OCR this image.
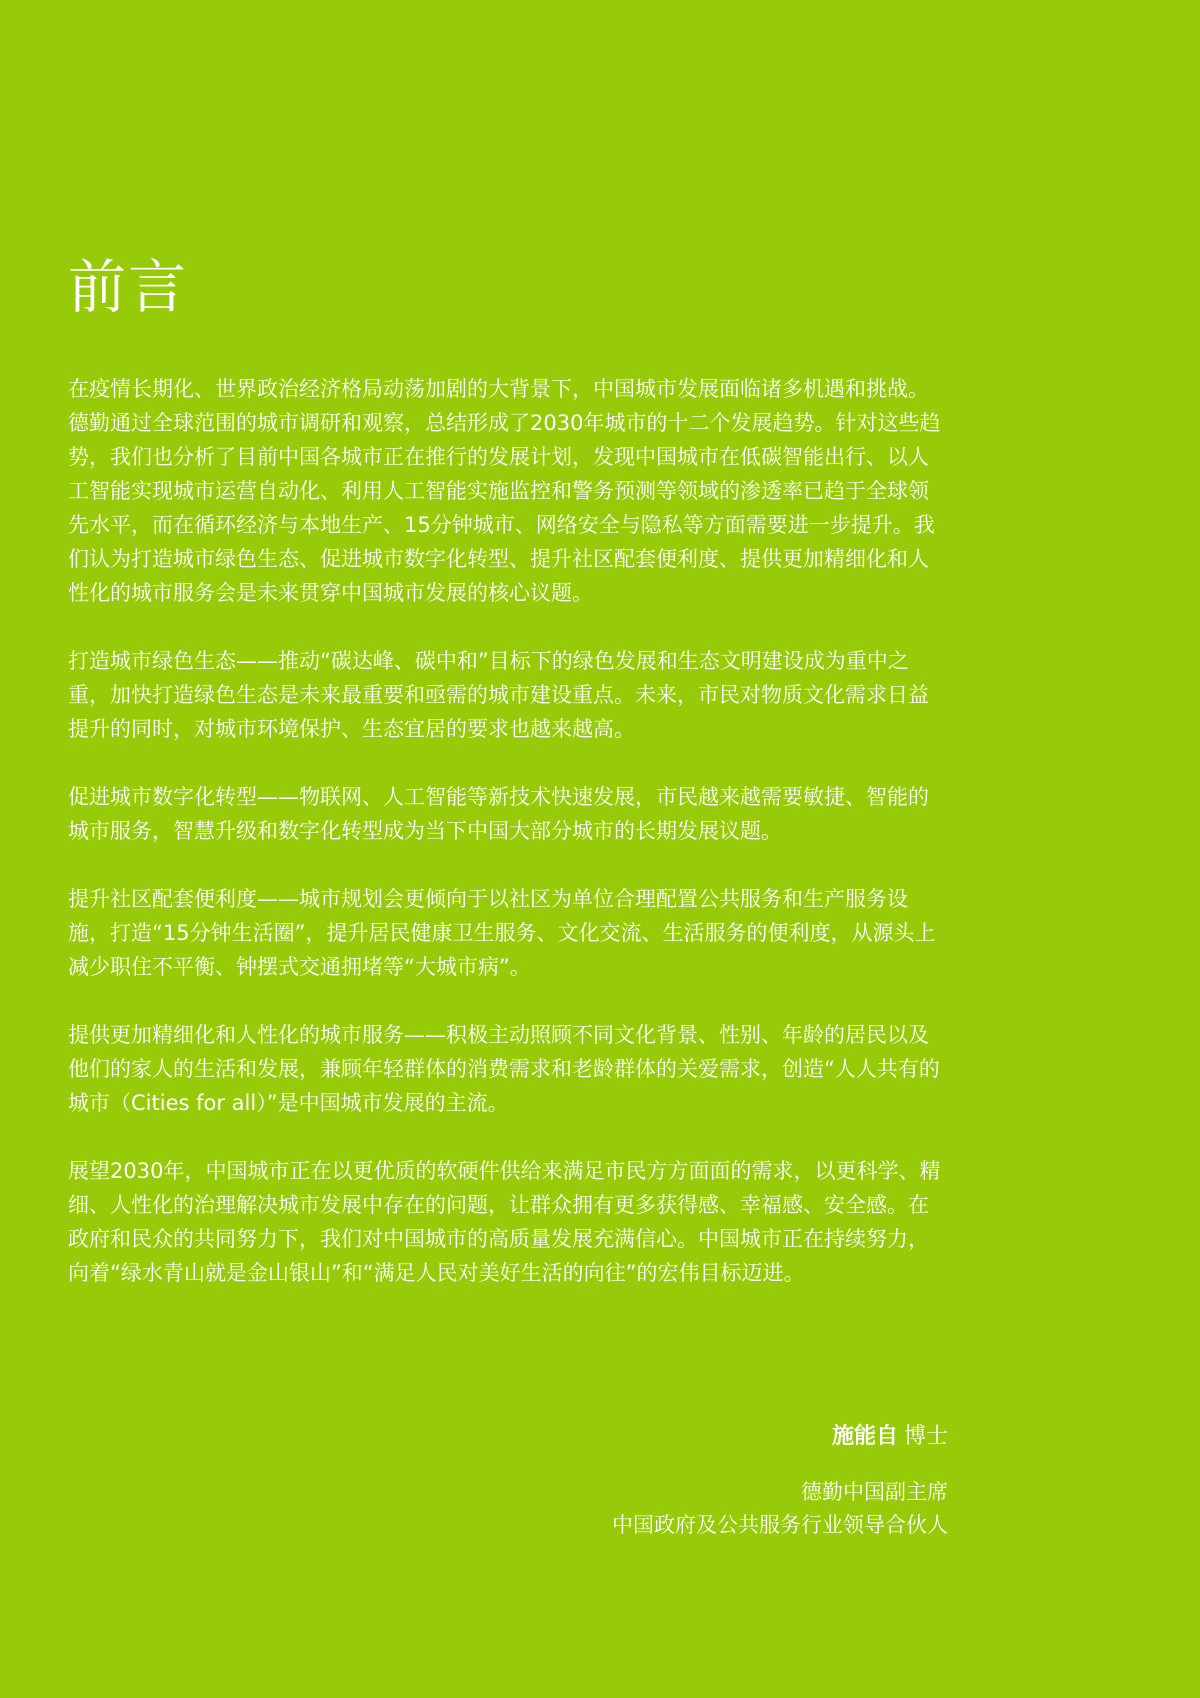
前言

在疫情长期化、世界政治经济格局动荡加剧的大背景下，中国城市发展面临诸多机遇和挑战。德勤通过全球范围的城市调研和观察，总结形成了2030年城市的十二个发展趋势。针对这些趋势，我们也分析了目前中国各城市正在推行的发展计划，发现中国城市在低碳智能出行、以人工智能实现城市运营自动化、利用人工智能实施监控和警务预测等领域的渗透率已趋于全球领先水平，而在循环经济与本地生产、15分钟城市、网络安全与隐私等方面需要进一步提升。我们认为打造城市绿色生态、促进城市数字化转型、提升社区配套便利度、提供更加精细化和人性化的城市服务会是未来贯穿中国城市发展的核心议题。

打造城市绿色生态——推动“碳达峰、碳中和”目标下的绿色发展和生态文明建设成为重中之重，加快打造绿色生态是未来最重要和亟需的城市建设重点。未来，市民对物质文化需求日益提升的同时，对城市环境保护、生态宜居的要求也越来越高。

促进城市数字化转型——物联网、人工智能等新技术快速发展，市民越来越需要敏捷、智能的城市服务，智慧升级和数字化转型成为当下中国大部分城市的长期发展议题。

提升社区配套便利度——城市规划会更倾向于以社区为单位合理配置公共服务和生产服务设施，打造“15分钟生活圈”，提升居民健康卫生服务、文化交流、生活服务的便利度，从源头上减少职住不平衡、钟摆式交通拥堵等“大城市病”。

提供更加精细化和人性化的城市服务——积极主动照顾不同文化背景、性别、年龄的居民以及他们的家人的生活和发展，兼顾年轻群体的消费需求和老龄群体的关爱需求，创造“人人共有的城市（Cities for all）”是中国城市发展的主流。

展望2030年，中国城市正在以更优质的软硬件供给来满足市民方方面面的需求，以更科学、精细、人性化的治理解决城市发展中存在的问题，让群众拥有更多获得感、幸福感、安全感。在政府和民众的共同努力下，我们对中国城市的高质量发展充满信心。中国城市正在持续努力，向着“绿水青山就是金山银山”和“满足人民对美好生活的向往”的宏伟目标迈进。

施能自 博士

德勤中国副主席

中国政府及公共服务行业领导合伙人
